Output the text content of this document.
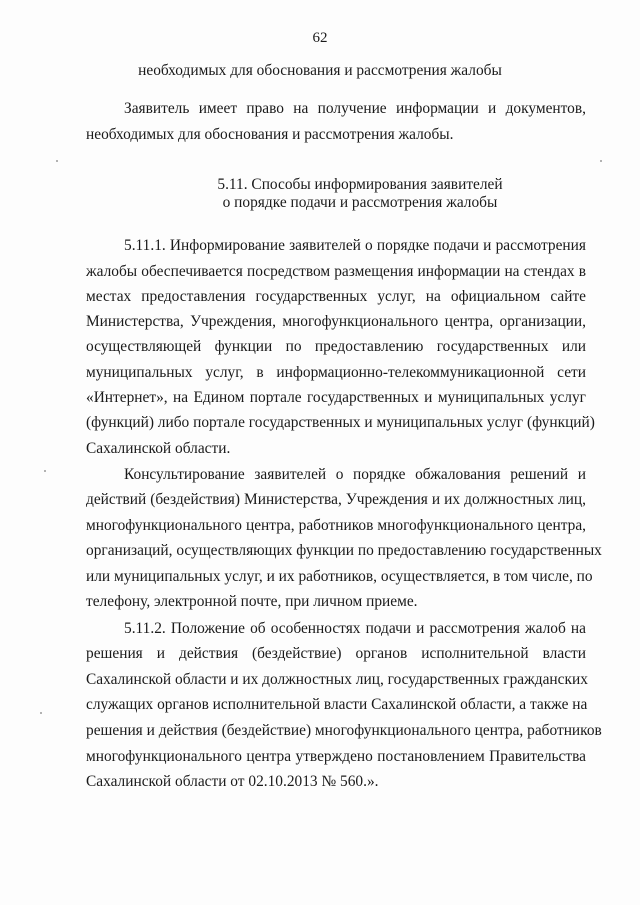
62
необходимых для обоснования и рассмотрения жалобы
Заявитель имеет право на получение информации и документов,
необходимых для обоснования и рассмотрения жалобы.
5.11. Способы информирования заявителей
о порядке подачи и рассмотрения жалобы
5.11.1. Информирование заявителей о порядке подачи и рассмотрения
жалобы обеспечивается посредством размещения информации на стендах в
местах предоставления государственных услуг, на официальном сайте
Министерства, Учреждения, многофункционального центра, организации,
осуществляющей функции по предоставлению государственных или
муниципальных услуг, в информационно-телекоммуникационной сети
«Интернет», на Едином портале государственных и муниципальных услуг
(функций) либо портале государственных и муниципальных услуг (функций)
Сахалинской области.
Консультирование заявителей о порядке обжалования решений и
действий (бездействия) Министерства, Учреждения и их должностных лиц,
многофункционального центра, работников многофункционального центра,
организаций, осуществляющих функции по предоставлению государственных
или муниципальных услуг, и их работников, осуществляется, в том числе, по
телефону, электронной почте, при личном приеме.
5.11.2. Положение об особенностях подачи и рассмотрения жалоб на
решения и действия (бездействие) органов исполнительной власти
Сахалинской области и их должностных лиц, государственных гражданских
служащих органов исполнительной власти Сахалинской области, а также на
решения и действия (бездействие) многофункционального центра, работников
многофункционального центра утверждено постановлением Правительства
Сахалинской области от 02.10.2013 № 560.».
